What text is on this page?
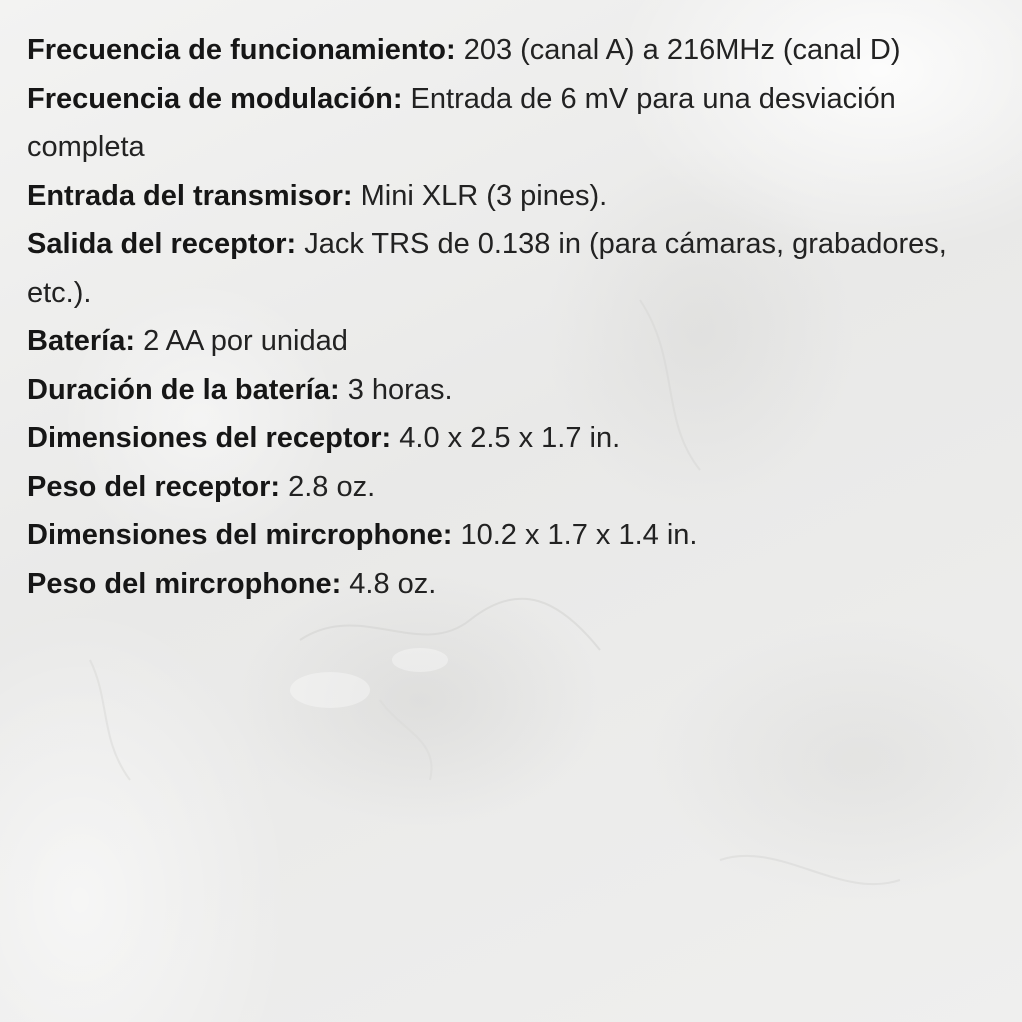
Frecuencia de funcionamiento: 203 (canal A) a 216MHz (canal D)
Frecuencia de modulación: Entrada de 6 mV para una desviación completa
Entrada del transmisor: Mini XLR (3 pines).
Salida del receptor: Jack TRS de 0.138 in (para cámaras, grabadores, etc.).
Batería: 2 AA por unidad
Duración de la batería: 3 horas.
Dimensiones del receptor: 4.0 x 2.5 x 1.7 in.
Peso del receptor: 2.8 oz.
Dimensiones del mircrophone: 10.2 x 1.7 x 1.4 in.
Peso del mircrophone: 4.8 oz.
